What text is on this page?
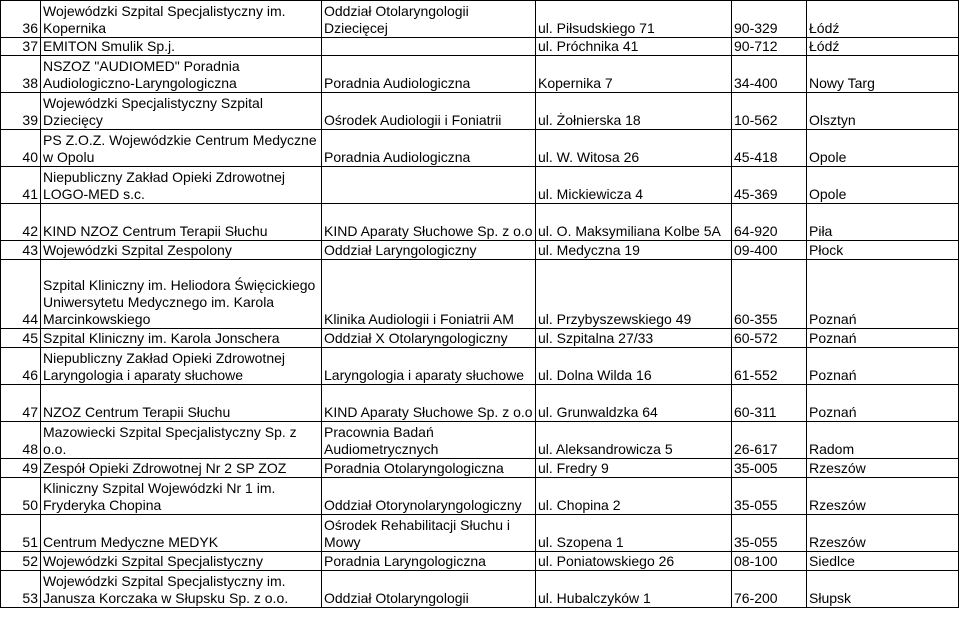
36	Wojewódzki Szpital Specjalistyczny im. Kopernika	Oddział Otolaryngologii Dziecięcej	ul. Piłsudskiego 71	90-329	Łódź
37	EMITON Smulik Sp.j.		ul. Próchnika 41	90-712	Łódź
38	NSZOZ "AUDIOMED" Poradnia Audiologiczno-Laryngologiczna	Poradnia Audiologiczna	Kopernika 7	34-400	Nowy Targ
39	Wojewódzki Specjalistyczny Szpital Dziecięcy	Ośrodek Audiologii i Foniatrii	ul. Żołnierska 18	10-562	Olsztyn
40	PS Z.O.Z. Wojewódzkie Centrum Medyczne w Opolu	Poradnia Audiologiczna	ul. W. Witosa 26	45-418	Opole
41	Niepubliczny Zakład Opieki Zdrowotnej LOGO-MED s.c.		ul. Mickiewicza 4	45-369	Opole
42	KIND NZOZ Centrum Terapii Słuchu	KIND Aparaty Słuchowe Sp. z o.o	ul. O. Maksymiliana Kolbe 5A	64-920	Piła
43	Wojewódzki Szpital Zespolony	Oddział Laryngologiczny	ul. Medyczna 19	09-400	Płock
44	Szpital Kliniczny im. Heliodora Święcickiego Uniwersytetu Medycznego im. Karola Marcinkowskiego	Klinika Audiologii i Foniatrii AM	ul. Przybyszewskiego 49	60-355	Poznań
45	Szpital Kliniczny im. Karola Jonschera	Oddział X Otolaryngologiczny	ul. Szpitalna 27/33	60-572	Poznań
46	Niepubliczny Zakład Opieki Zdrowotnej Laryngologia i aparaty słuchowe	Laryngologia i aparaty słuchowe	ul. Dolna Wilda 16	61-552	Poznań
47	NZOZ Centrum Terapii Słuchu	KIND Aparaty Słuchowe Sp. z o.o	ul. Grunwaldzka 64	60-311	Poznań
48	Mazowiecki Szpital Specjalistyczny Sp. z o.o.	Pracownia Badań Audiometrycznych	ul. Aleksandrowicza 5	26-617	Radom
49	Zespół Opieki Zdrowotnej Nr 2 SP ZOZ	Poradnia Otolaryngologiczna	ul. Fredry 9	35-005	Rzeszów
50	Kliniczny Szpital Wojewódzki Nr 1 im. Fryderyka Chopina	Oddział Otorynolaryngologiczny	ul. Chopina 2	35-055	Rzeszów
51	Centrum Medyczne MEDYK	Ośrodek Rehabilitacji Słuchu i Mowy	ul. Szopena 1	35-055	Rzeszów
52	Wojewódzki Szpital Specjalistyczny	Poradnia Laryngologiczna	ul. Poniatowskiego 26	08-100	Siedlce
53	Wojewódzki Szpital Specjalistyczny im. Janusza Korczaka w Słupsku Sp. z o.o.	Oddział Otolaryngologii	ul. Hubalczyków 1	76-200	Słupsk
